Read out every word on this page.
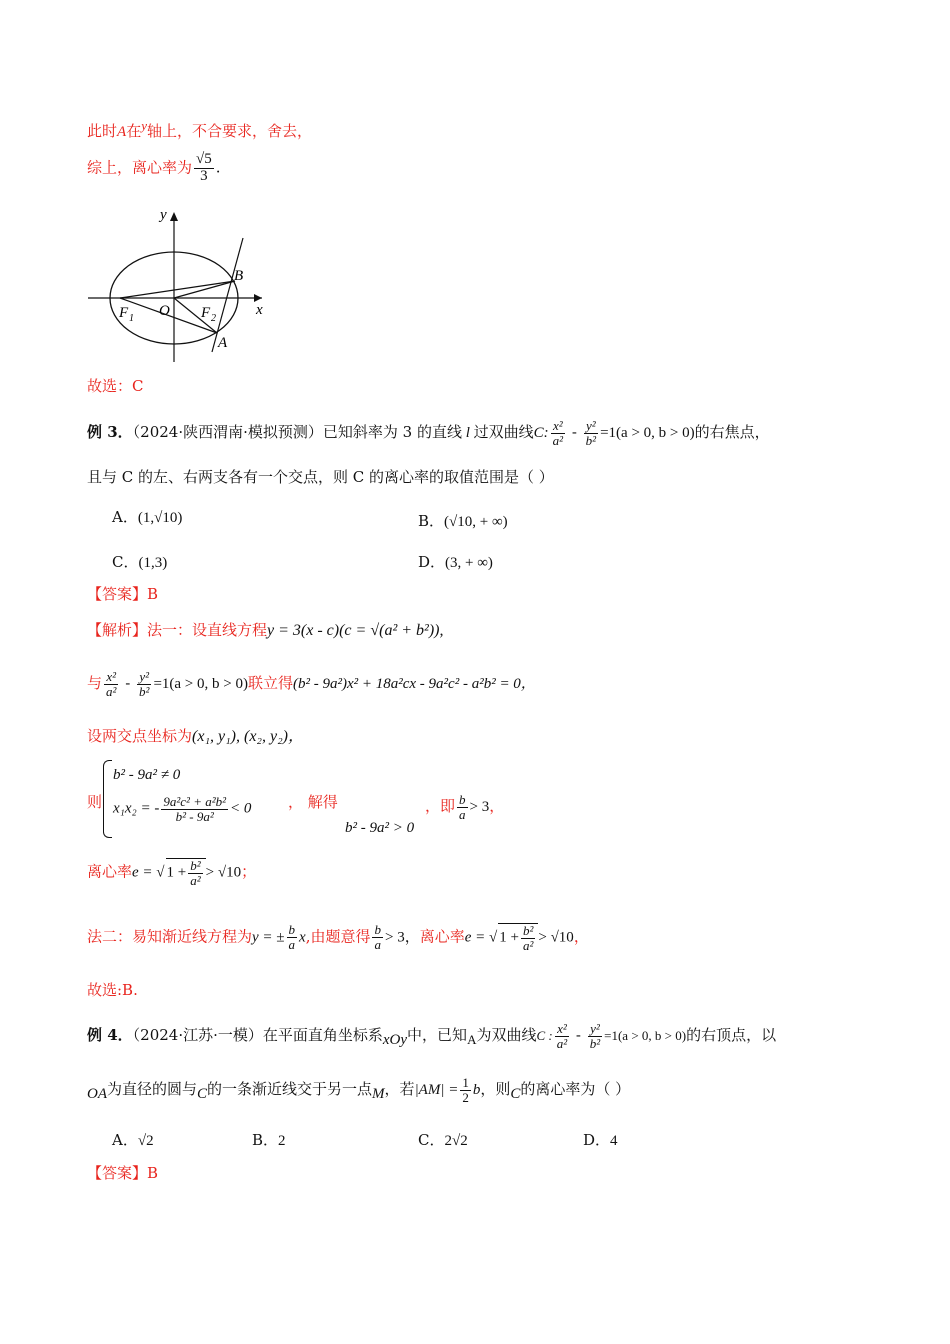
此时A在y轴上，不合要求，舍去，
综上，离心率为 $\frac{√5}{3}$ .
y
x
B
O
F 1	F 2
A
故选：C
例 3．（2024·陕西渭南·模拟预测）已知斜率为 3 的直线 l 过双曲线C: $\frac{\text{x²}}{\text{a²}} - \frac{\text{y²}}{\text{b²}} =1(a > 0$, b > 0)的右焦点，
且与 C 的左、右两支各有一个交点，则 C 的离心率的取值范围是（ ）
A．(1,√10)	B．(√10, + ∞)
C．(1,3)	D．(3, + ∞)
【答案】B
【解析】法一：设直线方程y = 3(x - c)(c = √(a² + b²)),
与 $\frac{\text{x²}}{\text{a²}} - \frac{\text{y²}}{\text{b²}} =1(a > 0$, b > 0)联立得(b² - 9a²)x² + 18a²cx - 9a²c² - a²b² = 0，
设两交点坐标为(x₁, y₁), (x₂, y₂)，
则
b² - 9a² ≠ 0
x₁x₂ = - $\frac{\text{9a²c² + a²b²}}{\text{b² - 9a²}} < 0$ ， 解得
b² - 9a² > 0
，即 $\frac{b}{a} > 3$，
离心率e = √ $1 + \frac{\text{b²}}{\text{a²}} > √10$；
法二：易知渐近线方程为y = ± $\frac{b}{a} x$,由题意得 $\frac{b}{a} > 3$，离心率e = √ $1 + \frac{\text{b²}}{\text{a²}} > √10$，
故选:B.
例 4．（2024·江苏·一模）在平面直角坐标系xOy中，已知A为双曲线C : $\frac{\text{x²}}{\text{a²}} - \frac{\text{y²}}{\text{b²}} =1(a > 0$, b > 0)的右顶点，以
OA为直径的圆与C的一条渐近线交于另一点M，若$|AM| = \frac{1}{2}$ b，则C的离心率为（ ）
A．√2	B．2	C．2√2	D．4
【答案】B
